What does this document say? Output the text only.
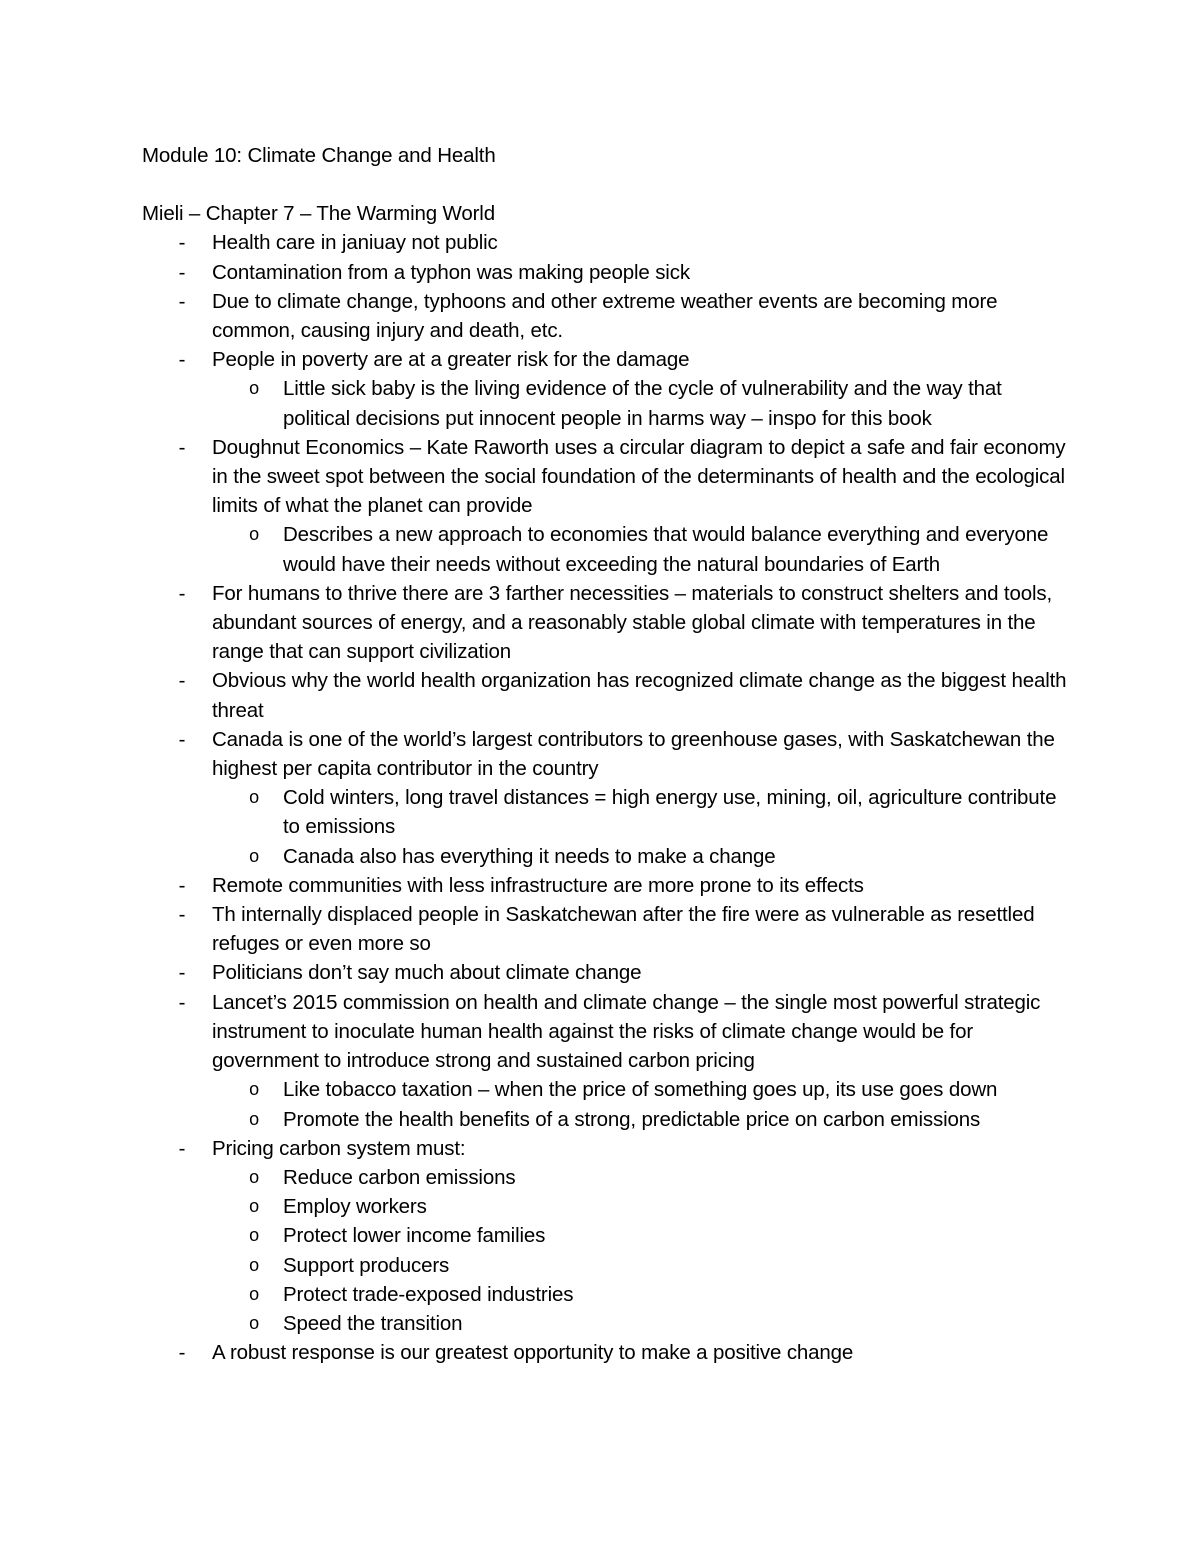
Module 10: Climate Change and Health

Mieli – Chapter 7 – The Warming World

- Health care in janiuay not public
- Contamination from a typhon was making people sick
- Due to climate change, typhoons and other extreme weather events are becoming more common, causing injury and death, etc.
- People in poverty are at a greater risk for the damage
o Little sick baby is the living evidence of the cycle of vulnerability and the way that political decisions put innocent people in harms way – inspo for this book
- Doughnut Economics – Kate Raworth uses a circular diagram to depict a safe and fair economy in the sweet spot between the social foundation of the determinants of health and the ecological limits of what the planet can provide
o Describes a new approach to economies that would balance everything and everyone would have their needs without exceeding the natural boundaries of Earth
- For humans to thrive there are 3 farther necessities – materials to construct shelters and tools, abundant sources of energy, and a reasonably stable global climate with temperatures in the range that can support civilization
- Obvious why the world health organization has recognized climate change as the biggest health threat
- Canada is one of the world’s largest contributors to greenhouse gases, with Saskatchewan the highest per capita contributor in the country
o Cold winters, long travel distances = high energy use, mining, oil, agriculture contribute to emissions
o Canada also has everything it needs to make a change
- Remote communities with less infrastructure are more prone to its effects
- Th internally displaced people in Saskatchewan after the fire were as vulnerable as resettled refuges or even more so
- Politicians don’t say much about climate change
- Lancet’s 2015 commission on health and climate change – the single most powerful strategic instrument to inoculate human health against the risks of climate change would be for government to introduce strong and sustained carbon pricing
o Like tobacco taxation – when the price of something goes up, its use goes down
o Promote the health benefits of a strong, predictable price on carbon emissions
- Pricing carbon system must:
o Reduce carbon emissions
o Employ workers
o Protect lower income families
o Support producers
o Protect trade-exposed industries
o Speed the transition
- A robust response is our greatest opportunity to make a positive change
